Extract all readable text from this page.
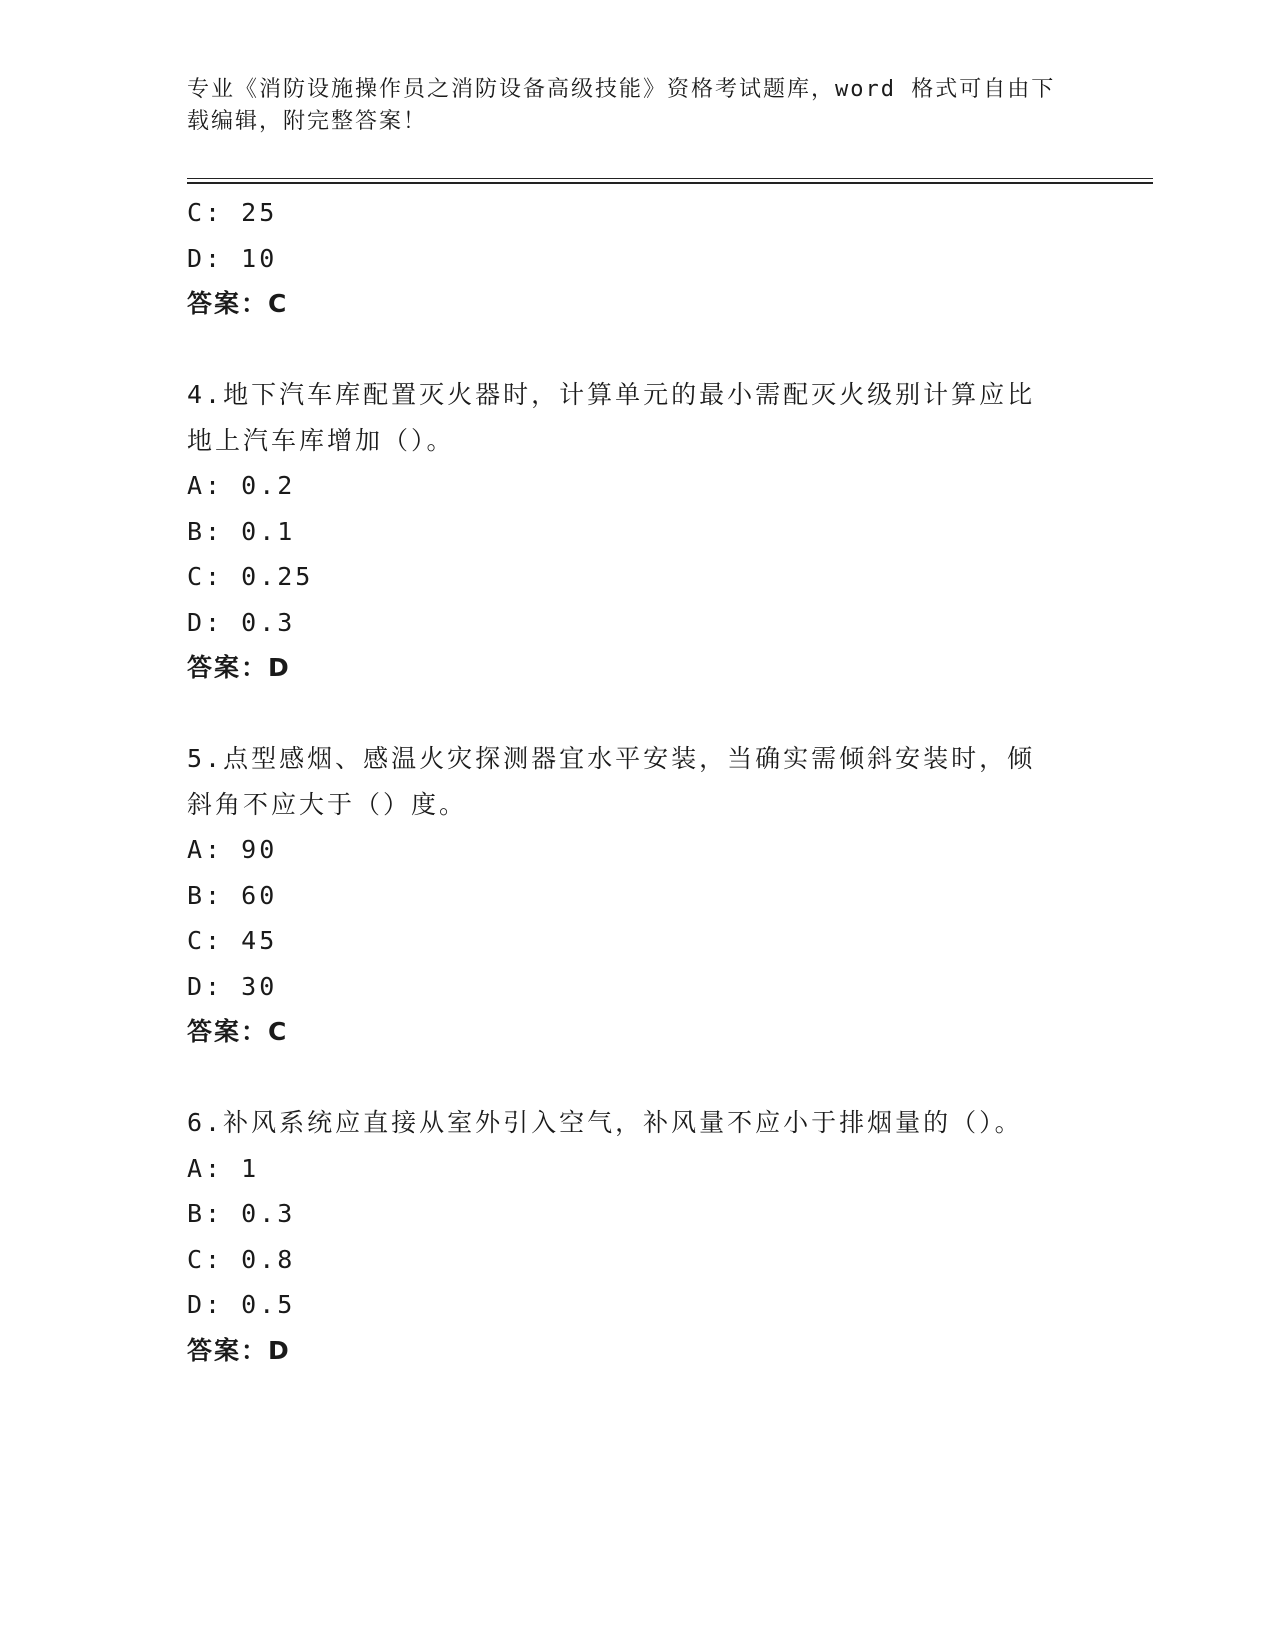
专业《消防设施操作员之消防设备高级技能》资格考试题库，word 格式可自由下
载编辑，附完整答案！
C: 25
D: 10
答案：C
4.地下汽车库配置灭火器时，计算单元的最小需配灭火级别计算应比
地上汽车库增加（）。
A: 0.2
B: 0.1
C: 0.25
D: 0.3
答案：D
5.点型感烟、感温火灾探测器宜水平安装，当确实需倾斜安装时，倾
斜角不应大于（）度。
A: 90
B: 60
C: 45
D: 30
答案：C
6.补风系统应直接从室外引入空气，补风量不应小于排烟量的（）。
A: 1
B: 0.3
C: 0.8
D: 0.5
答案：D
